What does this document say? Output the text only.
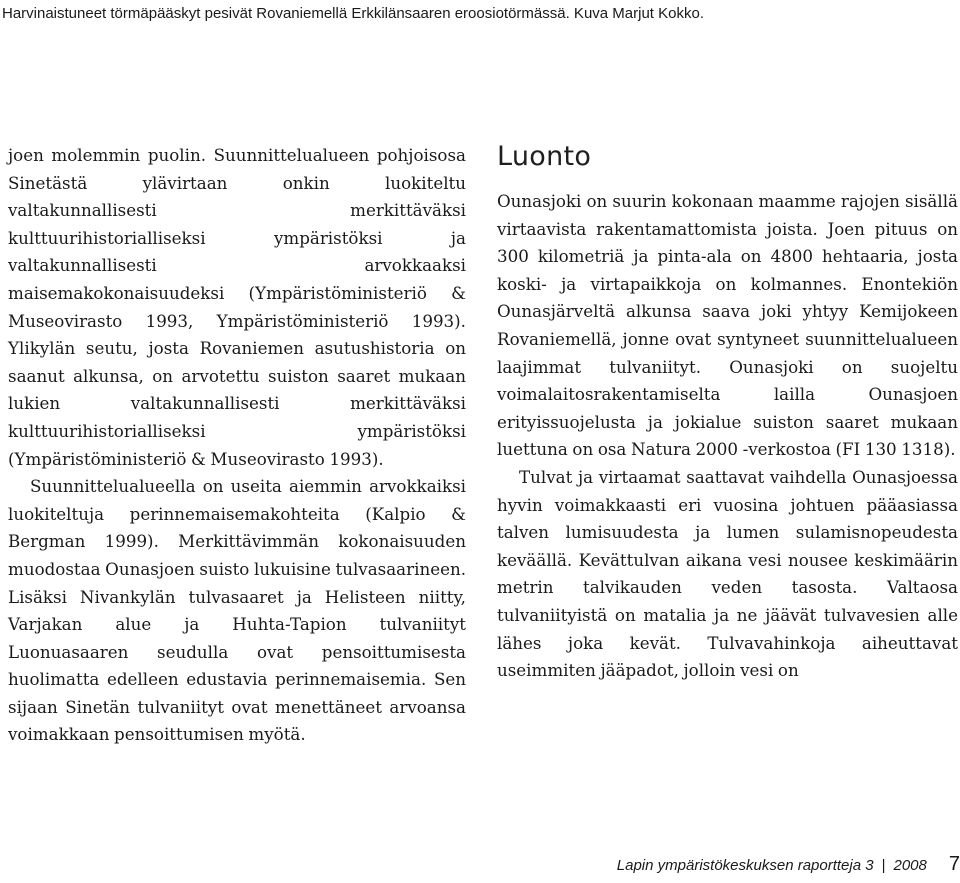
Harvinaistuneet törmäpääskyt pesivät Rovaniemellä Erkkilänsaaren eroosiotörmässä. Kuva Marjut Kokko.

joen molemmin puolin. Suunnittelualueen pohjoisosa Sinetästä ylävirtaan onkin luokiteltu valtakunnallisesti merkittäväksi kulttuurihistorialliseksi ympäristöksi ja valtakunnallisesti arvokkaaksi maisemakokonaisuudeksi (Ympäristöministeriö & Museovirasto 1993, Ympäristöministeriö 1993). Ylikylän seutu, josta Rovaniemen asutushistoria on saanut alkunsa, on arvotettu suiston saaret mukaan lukien valtakunnallisesti merkittäväksi kulttuurihistorialliseksi ympäristöksi (Ympäristöministeriö & Museovirasto 1993).

Suunnittelualueella on useita aiemmin arvokkaiksi luokiteltuja perinnemaisemakohteita (Kalpio & Bergman 1999). Merkittävimmän kokonaisuuden muodostaa Ounasjoen suisto lukuisine tulvasaarineen. Lisäksi Nivankylän tulvasaaret ja Helisteen niitty, Varjakan alue ja Huhta-Tapion tulvaniityt Luonuasaaren seudulla ovat pensoittumisesta huolimatta edelleen edustavia perinnemaisemia. Sen sijaan Sinetän tulvaniityt ovat menettäneet arvoansa voimakkaan pensoittumisen myötä.

Luonto

Ounasjoki on suurin kokonaan maamme rajojen sisällä virtaavista rakentamattomista joista. Joen pituus on 300 kilometriä ja pinta-ala on 4800 hehtaaria, josta koski- ja virtapaikkoja on kolmannes. Enontekiön Ounasjärveltä alkunsa saava joki yhtyy Kemijokeen Rovaniemellä, jonne ovat syntyneet suunnittelualueen laajimmat tulvaniityt. Ounasjoki on suojeltu voimalaitosrakentamiselta lailla Ounasjoen erityissuojelusta ja jokialue suiston saaret mukaan luettuna on osa Natura 2000 -verkostoa (FI 130 1318).

Tulvat ja virtaamat saattavat vaihdella Ounasjoessa hyvin voimakkaasti eri vuosina johtuen pääasiassa talven lumisuudesta ja lumen sulamisnopeudesta keväällä. Kevättulvan aikana vesi nousee keskimäärin metrin talvikauden veden tasosta. Valtaosa tulvaniityistä on matalia ja ne jäävät tulvavesien alle lähes joka kevät. Tulvavahinkoja aiheuttavat useimmiten jääpadot, jolloin vesi on

Lapin ympäristökeskuksen raportteja 3 | 2008 7
